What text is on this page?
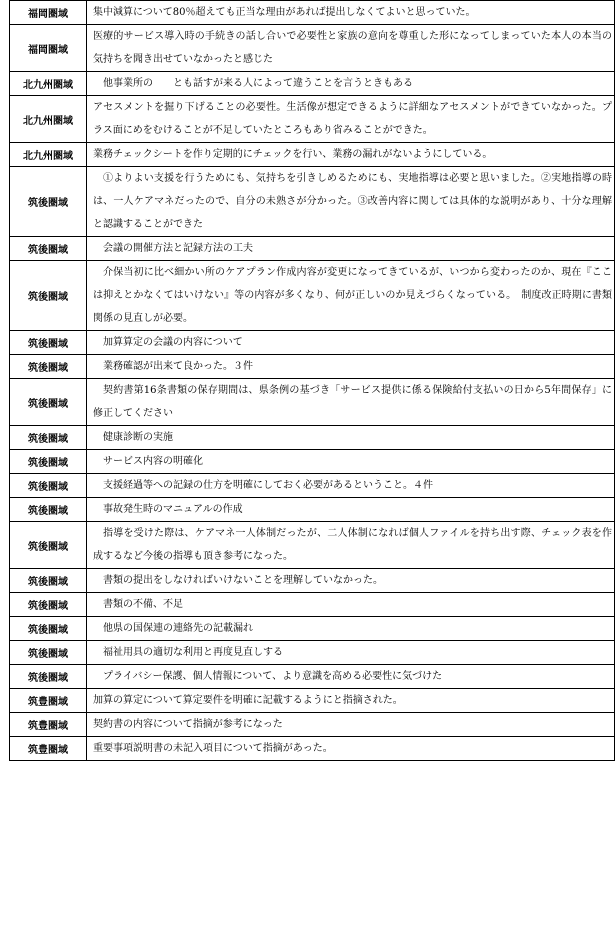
福岡圏域	集中減算について80％超えても正当な理由があれば提出しなくてよいと思っていた。
福岡圏域	医療的サービス導入時の手続きの話し合いで必要性と家族の意向を尊重した形になってしまっていた本人の本当の気持ちを聞き出せていなかったと感じた
北九州圏域	他事業所の　　とも話すが来る人によって違うことを言うときもある
北九州圏域	アセスメントを掘り下げることの必要性。生活像が想定できるように詳細なアセスメントができていなかった。プラス面にめをむけることが不足していたところもあり省みることができた。
北九州圏域	業務チェックシートを作り定期的にチェックを行い、業務の漏れがないようにしている。
筑後圏域	①よりよい支援を行うためにも、気持ちを引きしめるためにも、実地指導は必要と思いました。②実地指導の時は、一人ケアマネだったので、自分の未熟さが分かった。③改善内容に関しては具体的な説明があり、十分な理解と認識することができた
筑後圏域	会議の開催方法と記録方法の工夫
筑後圏域	介保当初に比べ細かい所のケアプラン作成内容が変更になってきているが、いつから変わったのか、現在『ここは抑えとかなくてはいけない』等の内容が多くなり、何が正しいのか見えづらくなっている。　制度改正時期に書類関係の見直しが必要。
筑後圏域	加算算定の会議の内容について
筑後圏域	業務確認が出来て良かった。３件
筑後圏域	契約書第16条書類の保存期間は、県条例の基づき「サービス提供に係る保険給付支払いの日から5年間保存」に修正してください
筑後圏域	健康診断の実施
筑後圏域	サービス内容の明確化
筑後圏域	支援経過等への記録の仕方を明確にしておく必要があるということ。４件
筑後圏域	事故発生時のマニュアルの作成
筑後圏域	指導を受けた際は、ケアマネ一人体制だったが、二人体制になれば個人ファイルを持ち出す際、チェック表を作成するなど今後の指導も頂き参考になった。
筑後圏域	書類の提出をしなければいけないことを理解していなかった。
筑後圏域	書類の不備、不足
筑後圏域	他県の国保連の連絡先の記載漏れ
筑後圏域	福祉用具の適切な利用と再度見直しする
筑後圏域	プライバシー保護、個人情報について、より意識を高める必要性に気づけた
筑豊圏域	加算の算定について算定要件を明確に記載するようにと指摘された。
筑豊圏域	契約書の内容について指摘が参考になった
筑豊圏域	重要事項説明書の未記入項目について指摘があった。
